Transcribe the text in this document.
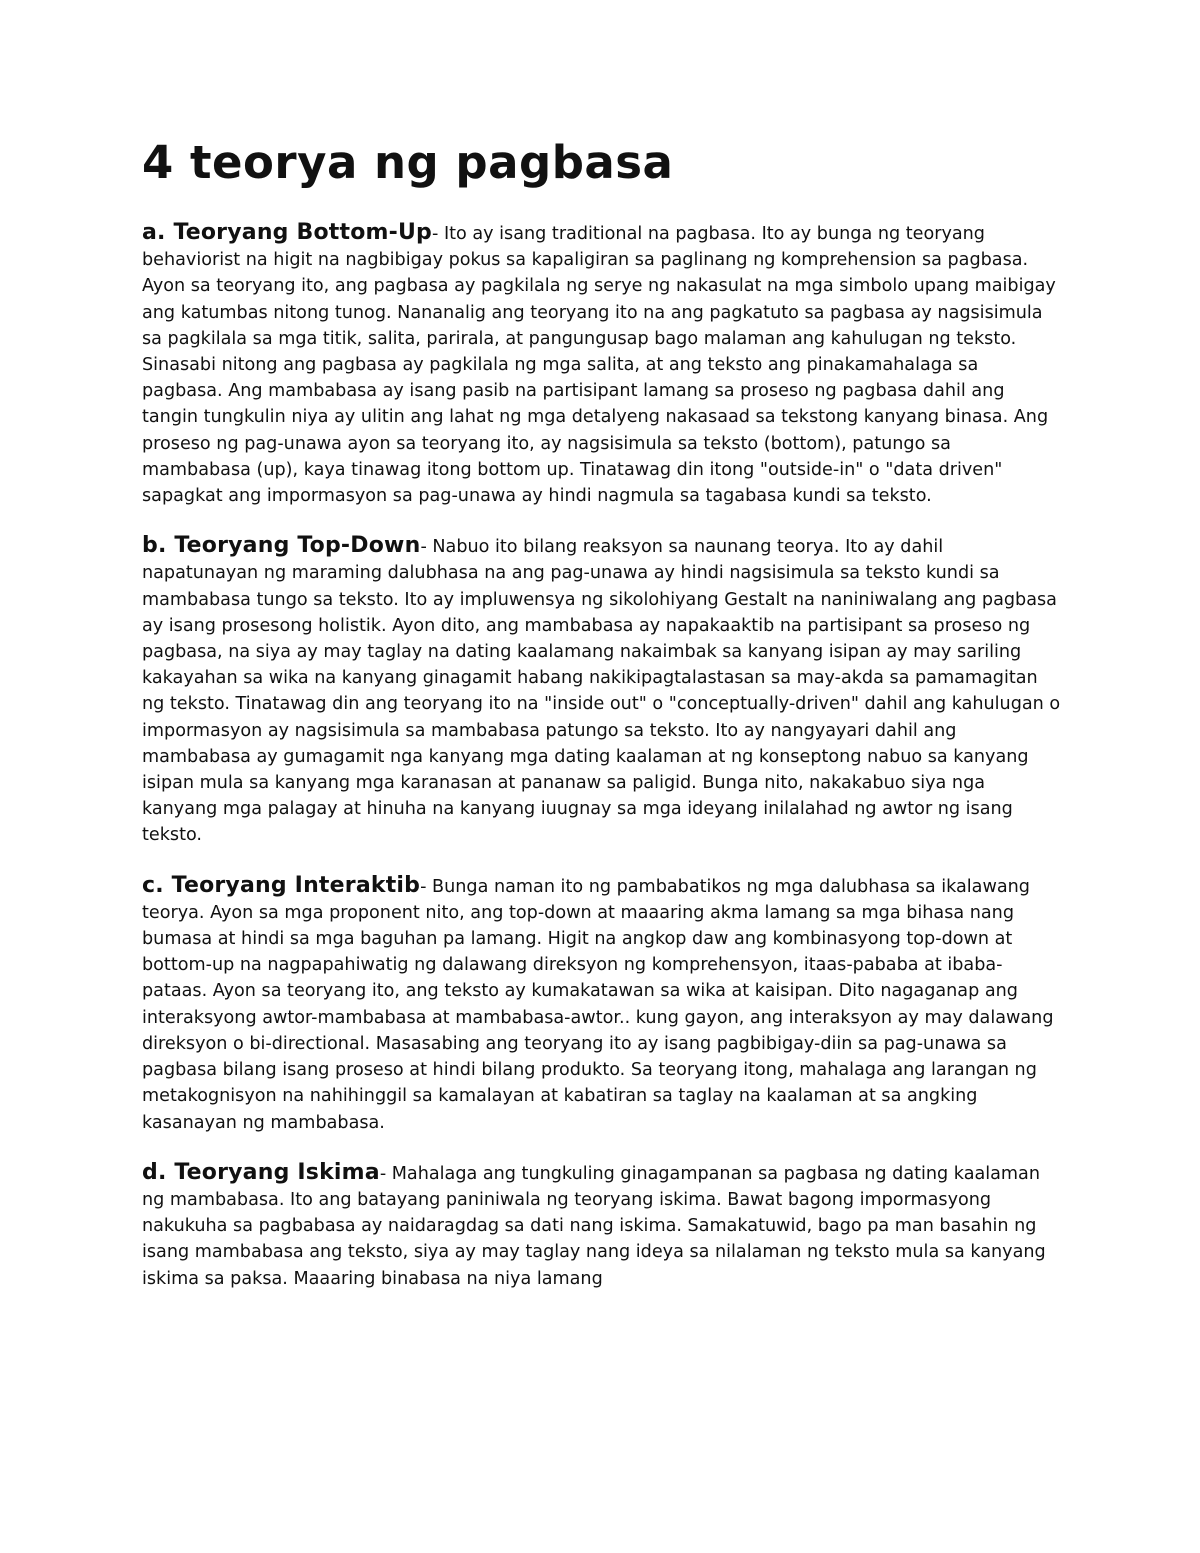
4 teorya ng pagbasa

a. Teoryang Bottom-Up- Ito ay isang traditional na pagbasa. Ito ay bunga ng teoryang behaviorist na higit na nagbibigay pokus sa kapaligiran sa paglinang ng komprehension sa pagbasa. Ayon sa teoryang ito, ang pagbasa ay pagkilala ng serye ng nakasulat na mga simbolo upang maibigay ang katumbas nitong tunog. Nananalig ang teoryang ito na ang pagkatuto sa pagbasa ay nagsisimula sa pagkilala sa mga titik, salita, parirala, at pangungusap bago malaman ang kahulugan ng teksto. Sinasabi nitong ang pagbasa ay pagkilala ng mga salita, at ang teksto ang pinakamahalaga sa pagbasa. Ang mambabasa ay isang pasib na partisipant lamang sa proseso ng pagbasa dahil ang tangin tungkulin niya ay ulitin ang lahat ng mga detalyeng nakasaad sa tekstong kanyang binasa. Ang proseso ng pag-unawa ayon sa teoryang ito, ay nagsisimula sa teksto (bottom), patungo sa mambabasa (up), kaya tinawag itong bottom up. Tinatawag din itong "outside-in" o "data driven" sapagkat ang impormasyon sa pag-unawa ay hindi nagmula sa tagabasa kundi sa teksto.

b. Teoryang Top-Down- Nabuo ito bilang reaksyon sa naunang teorya. Ito ay dahil napatunayan ng maraming dalubhasa na ang pag-unawa ay hindi nagsisimula sa teksto kundi sa mambabasa tungo sa teksto. Ito ay impluwensya ng sikolohiyang Gestalt na naniniwalang ang pagbasa ay isang prosesong holistik. Ayon dito, ang mambabasa ay napakaaktib na partisipant sa proseso ng pagbasa, na siya ay may taglay na dating kaalamang nakaimbak sa kanyang isipan ay may sariling kakayahan sa wika na kanyang ginagamit habang nakikipagtalastasan sa may-akda sa pamamagitan ng teksto. Tinatawag din ang teoryang ito na "inside out" o "conceptually-driven" dahil ang kahulugan o impormasyon ay nagsisimula sa mambabasa patungo sa teksto. Ito ay nangyayari dahil ang mambabasa ay gumagamit nga kanyang mga dating kaalaman at ng konseptong nabuo sa kanyang isipan mula sa kanyang mga karanasan at pananaw sa paligid. Bunga nito, nakakabuo siya nga kanyang mga palagay at hinuha na kanyang iuugnay sa mga ideyang inilalahad ng awtor ng isang teksto.

c. Teoryang Interaktib- Bunga naman ito ng pambabatikos ng mga dalubhasa sa ikalawang teorya. Ayon sa mga proponent nito, ang top-down at maaaring akma lamang sa mga bihasa nang bumasa at hindi sa mga baguhan pa lamang. Higit na angkop daw ang kombinasyong top-down at bottom-up na nagpapahiwatig ng dalawang direksyon ng komprehensyon, itaas-pababa at ibaba-pataas. Ayon sa teoryang ito, ang teksto ay kumakatawan sa wika at kaisipan. Dito nagaganap ang interaksyong awtor-mambabasa at mambabasa-awtor.. kung gayon, ang interaksyon ay may dalawang direksyon o bi-directional. Masasabing ang teoryang ito ay isang pagbibigay-diin sa pag-unawa sa pagbasa bilang isang proseso at hindi bilang produkto. Sa teoryang itong, mahalaga ang larangan ng metakognisyon na nahihinggil sa kamalayan at kabatiran sa taglay na kaalaman at sa angking kasanayan ng mambabasa.

d. Teoryang Iskima- Mahalaga ang tungkuling ginagampanan sa pagbasa ng dating kaalaman ng mambabasa. Ito ang batayang paniniwala ng teoryang iskima. Bawat bagong impormasyong nakukuha sa pagbabasa ay naidaragdag sa dati nang iskima. Samakatuwid, bago pa man basahin ng isang mambabasa ang teksto, siya ay may taglay nang ideya sa nilalaman ng teksto mula sa kanyang iskima sa paksa. Maaaring binabasa na niya lamang
